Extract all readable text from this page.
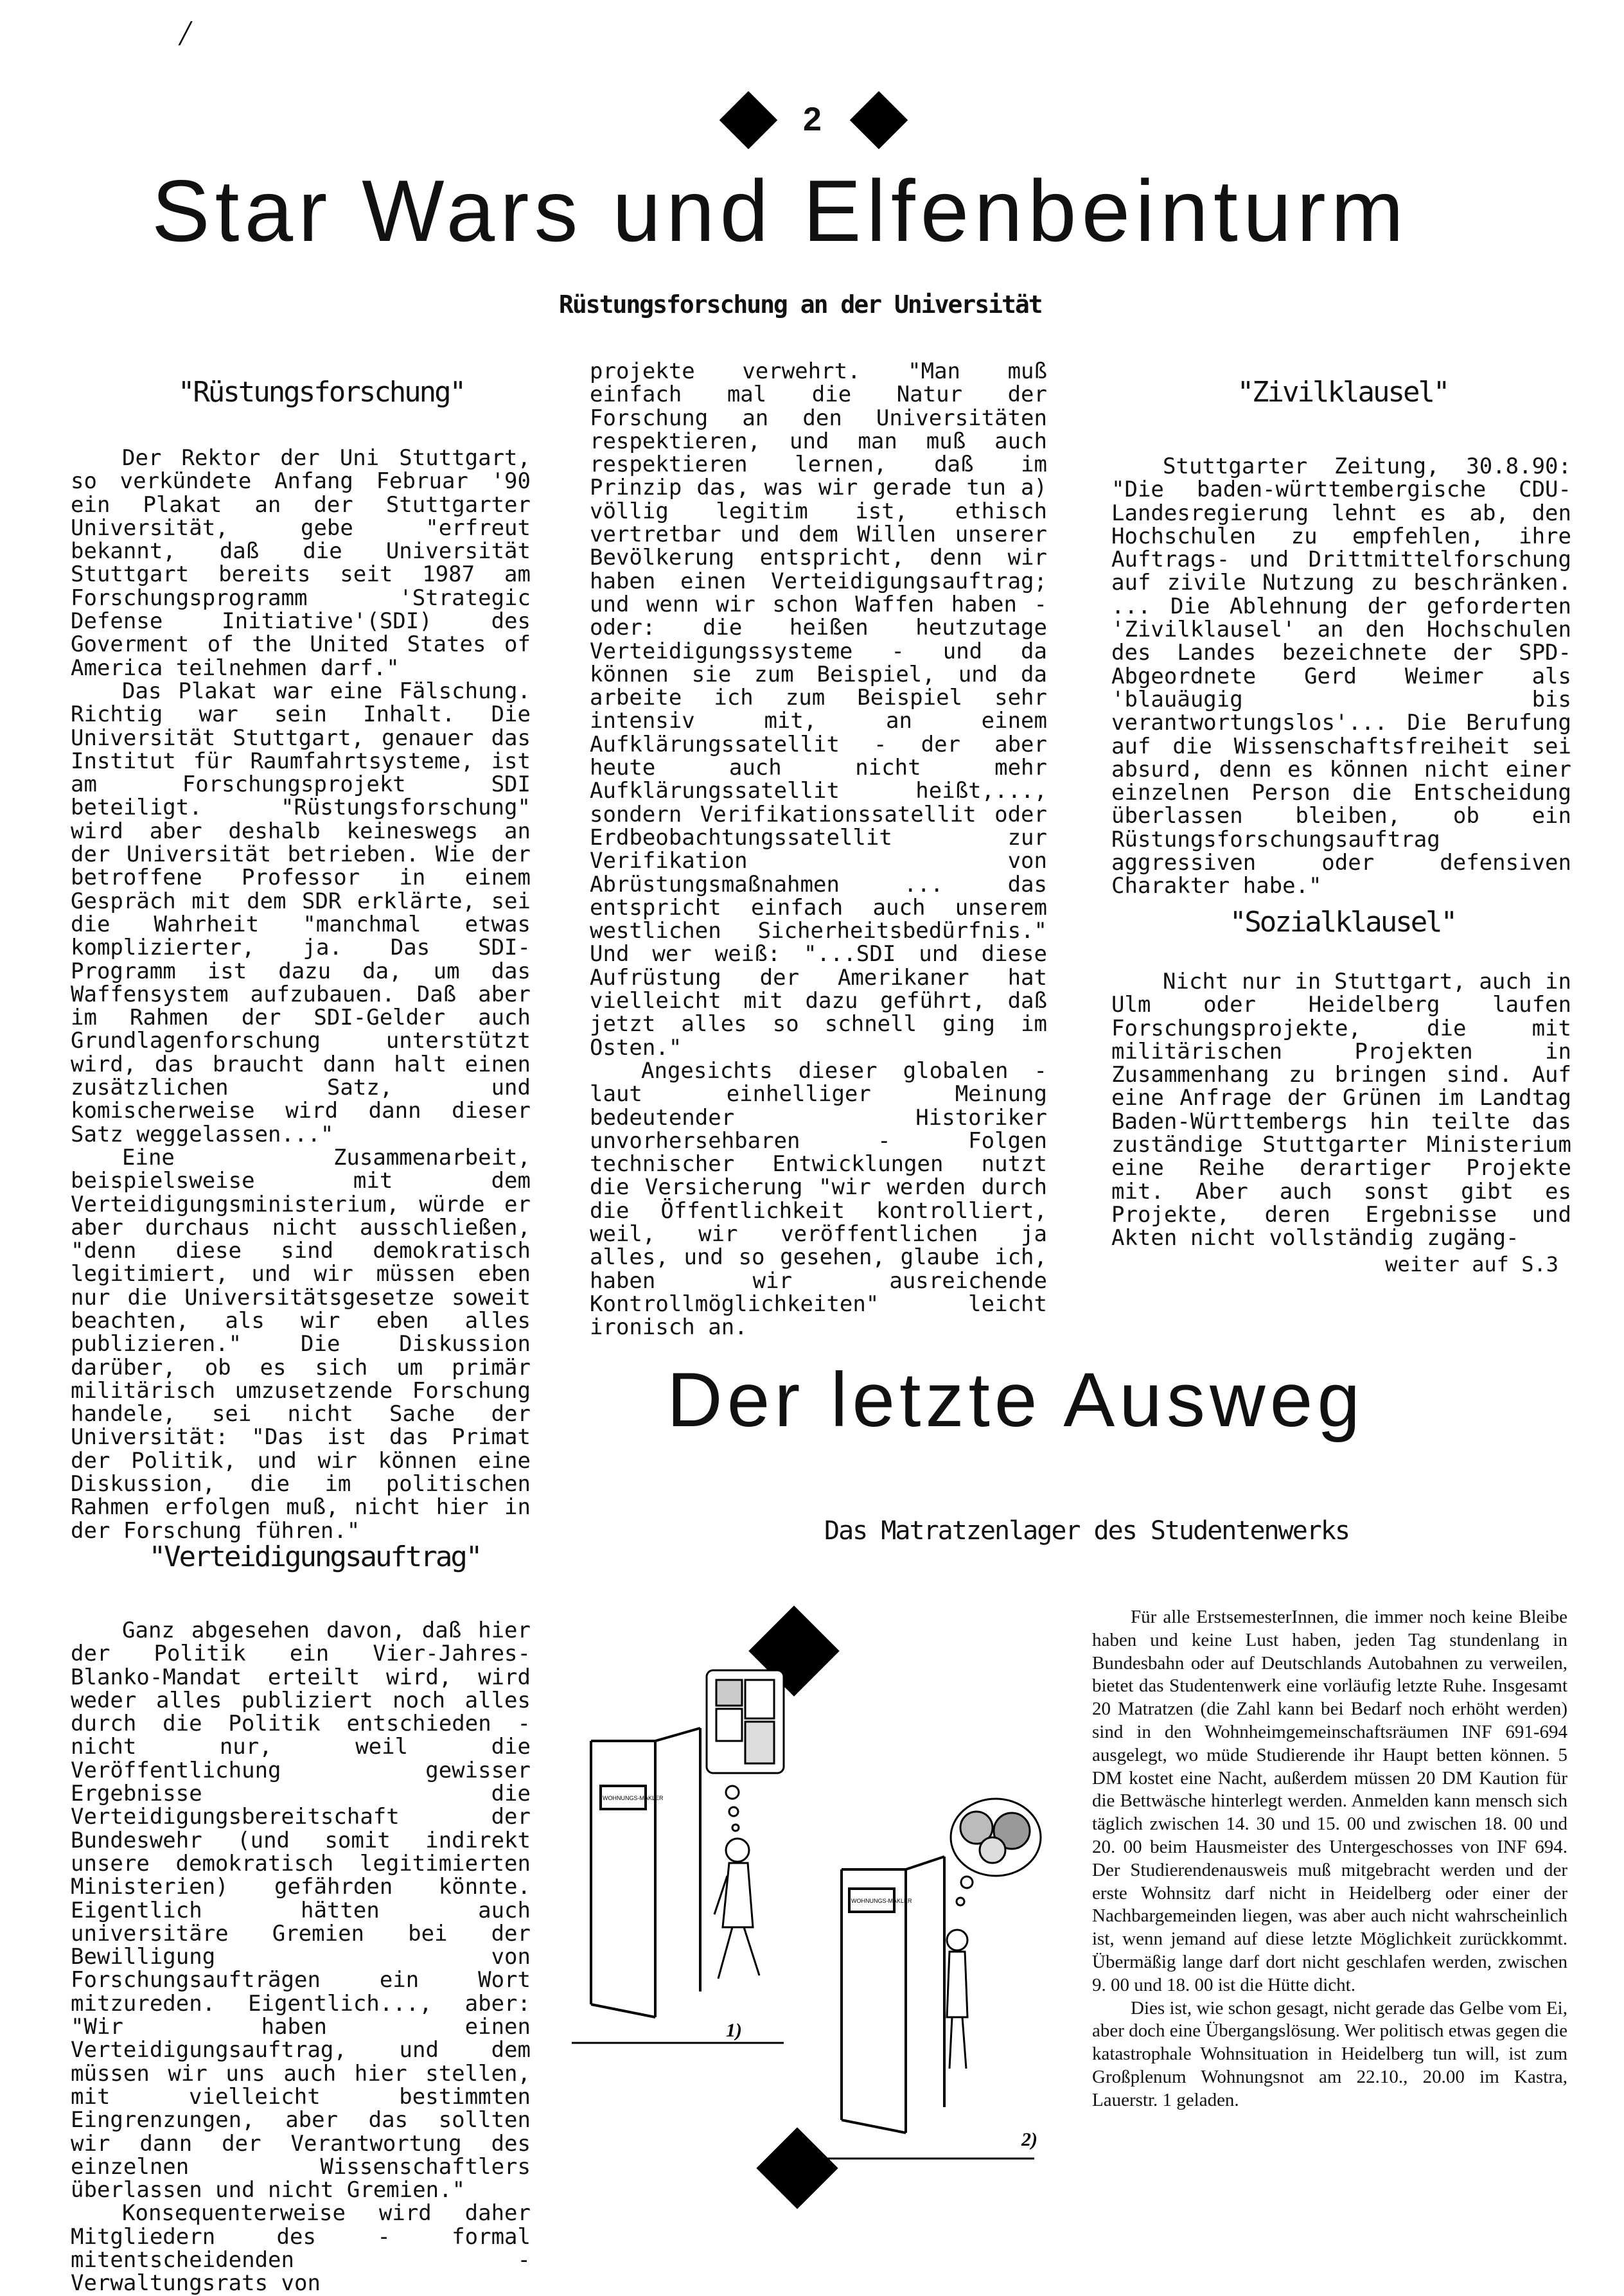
/
2
Star Wars und Elfenbeinturm
Rüstungsforschung an der Universität
"Rüstungsforschung"

Der Rektor der Uni Stuttgart, so verkündete Anfang Februar '90 ein Plakat an der Stuttgarter Universität, gebe "erfreut bekannt, daß die Universität Stuttgart bereits seit 1987 am Forschungsprogramm 'Strategic Defense Initiative'(SDI) des Goverment of the United States of America teilnehmen darf."

Das Plakat war eine Fälschung. Richtig war sein Inhalt. Die Universität Stuttgart, genauer das Institut für Raumfahrtsysteme, ist am Forschungsprojekt SDI beteiligt. "Rüstungsforschung" wird aber deshalb keineswegs an der Universität betrieben. Wie der betroffene Professor in einem Gespräch mit dem SDR erklärte, sei die Wahrheit "manchmal etwas komplizierter, ja. Das SDI-Programm ist dazu da, um das Waffensystem aufzubauen. Daß aber im Rahmen der SDI-Gelder auch Grundlagenforschung unterstützt wird, das braucht dann halt einen zusätzlichen Satz, und komischerweise wird dann dieser Satz weggelassen..."

Eine Zusammenarbeit, beispielsweise mit dem Verteidigungsministerium, würde er aber durchaus nicht ausschließen, "denn diese sind demokratisch legitimiert, und wir müssen eben nur die Universitätsgesetze soweit beachten, als wir eben alles publizieren." Die Diskussion darüber, ob es sich um primär militärisch umzusetzende Forschung handele, sei nicht Sache der Universität: "Das ist das Primat der Politik, und wir können eine Diskussion, die im politischen Rahmen erfolgen muß, nicht hier in der Forschung führen."

"Verteidigungsauftrag"

Ganz abgesehen davon, daß hier der Politik ein Vier-Jahres-Blanko-Mandat erteilt wird, wird weder alles publiziert noch alles durch die Politik entschieden - nicht nur, weil die Veröffentlichung gewisser Ergebnisse die Verteidigungsbereitschaft der Bundeswehr (und somit indirekt unsere demokratisch legitimierten Ministerien) gefährden könnte. Eigentlich hätten auch universitäre Gremien bei der Bewilligung von Forschungsaufträgen ein Wort mitzureden. Eigentlich..., aber: "Wir haben einen Verteidigungsauftrag, und dem müssen wir uns auch hier stellen, mit vielleicht bestimmten Eingrenzungen, aber das sollten wir dann der Verantwortung des einzelnen Wissenschaftlers überlassen und nicht Gremien."

Konsequenterweise wird daher Mitgliedern des - formal mitentscheidenden - Verwaltungsrats von

projekte verwehrt. "Man muß einfach mal die Natur der Forschung an den Universitäten respektieren, und man muß auch respektieren lernen, daß im Prinzip das, was wir gerade tun a) völlig legitim ist, ethisch vertretbar und dem Willen unserer Bevölkerung entspricht, denn wir haben einen Verteidigungsauftrag; und wenn wir schon Waffen haben - oder: die heißen heutzutage Verteidigungssysteme - und da können sie zum Beispiel, und da arbeite ich zum Beispiel sehr intensiv mit, an einem Aufklärungssatellit - der aber heute auch nicht mehr Aufklärungssatellit heißt,..., sondern Verifikationssatellit oder Erdbeobachtungssatellit zur Verifikation von Abrüstungsmaßnahmen ... das entspricht einfach auch unserem westlichen Sicherheitsbedürfnis." Und wer weiß: "...SDI und diese Aufrüstung der Amerikaner hat vielleicht mit dazu geführt, daß jetzt alles so schnell ging im Osten."

Angesichts dieser globalen - laut einhelliger Meinung bedeutender Historiker unvorhersehbaren - Folgen technischer Entwicklungen nutzt die Versicherung "wir werden durch die Öffentlichkeit kontrolliert, weil, wir veröffentlichen ja alles, und so gesehen, glaube ich, haben wir ausreichende Kontrollmöglichkeiten" leicht ironisch an.

"Zivilklausel"

Stuttgarter Zeitung, 30.8.90: "Die baden-württembergische CDU-Landesregierung lehnt es ab, den Hochschulen zu empfehlen, ihre Auftrags- und Drittmittelforschung auf zivile Nutzung zu beschränken. ... Die Ablehnung der geforderten 'Zivilklausel' an den Hochschulen des Landes bezeichnete der SPD-Abgeordnete Gerd Weimer als 'blauäugig bis verantwortungslos'... Die Berufung auf die Wissenschaftsfreiheit sei absurd, denn es können nicht einer einzelnen Person die Entscheidung überlassen bleiben, ob ein Rüstungsforschungsauftrag aggressiven oder defensiven Charakter habe."

"Sozialklausel"

Nicht nur in Stuttgart, auch in Ulm oder Heidelberg laufen Forschungsprojekte, die mit militärischen Projekten in Zusammenhang zu bringen sind. Auf eine Anfrage der Grünen im Landtag Baden-Württembergs hin teilte das zuständige Stuttgarter Ministerium eine Reihe derartiger Projekte mit. Aber auch sonst gibt es Projekte, deren Ergebnisse und Akten nicht vollständig zugäng-

weiter auf S.3
Der letzte Ausweg
Das Matratzenlager des Studentenwerks
WOHNUNGS-MAKLER
1)
WOHNUNGS-MAKLER
2)

Für alle ErstsemesterInnen, die immer noch keine Bleibe haben und keine Lust haben, jeden Tag stundenlang in Bundesbahn oder auf Deutschlands Autobahnen zu verweilen, bietet das Studentenwerk eine vorläufig letzte Ruhe. Insgesamt 20 Matratzen (die Zahl kann bei Bedarf noch erhöht werden) sind in den Wohnheimgemeinschaftsräumen INF 691-694 ausgelegt, wo müde Studierende ihr Haupt betten können. 5 DM kostet eine Nacht, außerdem müssen 20 DM Kaution für die Bettwäsche hinterlegt werden. Anmelden kann mensch sich täglich zwischen 14. 30 und 15. 00 und zwischen 18. 00 und 20. 00 beim Hausmeister des Untergeschosses von INF 694. Der Studierendenausweis muß mitgebracht werden und der erste Wohnsitz darf nicht in Heidelberg oder einer der Nachbargemeinden liegen, was aber auch nicht wahrscheinlich ist, wenn jemand auf diese letzte Möglichkeit zurückkommt. Übermäßig lange darf dort nicht geschlafen werden, zwischen 9. 00 und 18. 00 ist die Hütte dicht.

Dies ist, wie schon gesagt, nicht gerade das Gelbe vom Ei, aber doch eine Übergangslösung. Wer politisch etwas gegen die katastrophale Wohnsituation in Heidelberg tun will, ist zum Großplenum Wohnungsnot am 22.10., 20.00 im Kastra, Lauerstr. 1 geladen.
